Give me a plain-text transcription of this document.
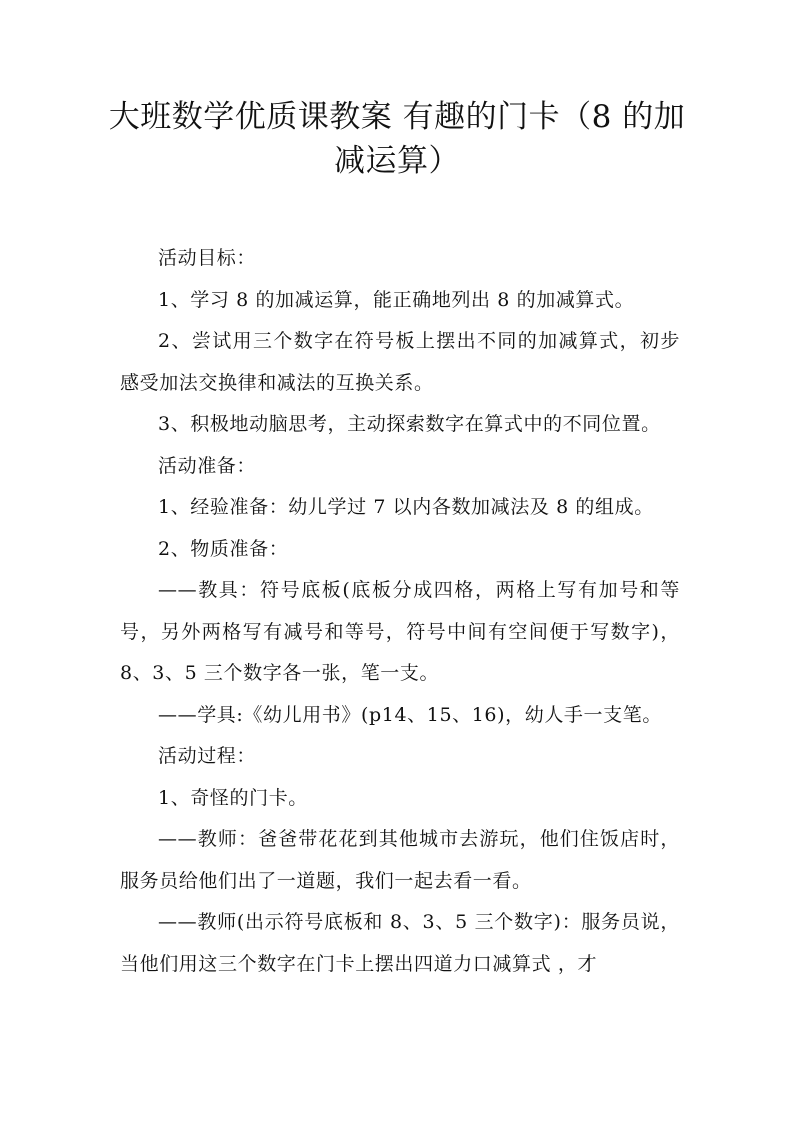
大班数学优质课教案 有趣的门卡（8 的加减运算）

活动目标：

1、学习 8 的加减运算，能正确地列出 8 的加减算式。

2、尝试用三个数字在符号板上摆出不同的加减算式，初步感受加法交换律和减法的互换关系。

3、积极地动脑思考，主动探索数字在算式中的不同位置。

活动准备：

1、经验准备：幼儿学过 7 以内各数加减法及 8 的组成。

2、物质准备：

——教具：符号底板(底板分成四格，两格上写有加号和等号，另外两格写有减号和等号，符号中间有空间便于写数字)，8、3、5 三个数字各一张，笔一支。

——学具:《幼儿用书》(p14、15、16)，幼人手一支笔。

活动过程：

1、奇怪的门卡。

——教师：爸爸带花花到其他城市去游玩，他们住饭店时，服务员给他们出了一道题，我们一起去看一看。

——教师(出示符号底板和 8、3、5 三个数字)：服务员说，当他们用这三个数字在门卡上摆出四道力口减算式 ，才
